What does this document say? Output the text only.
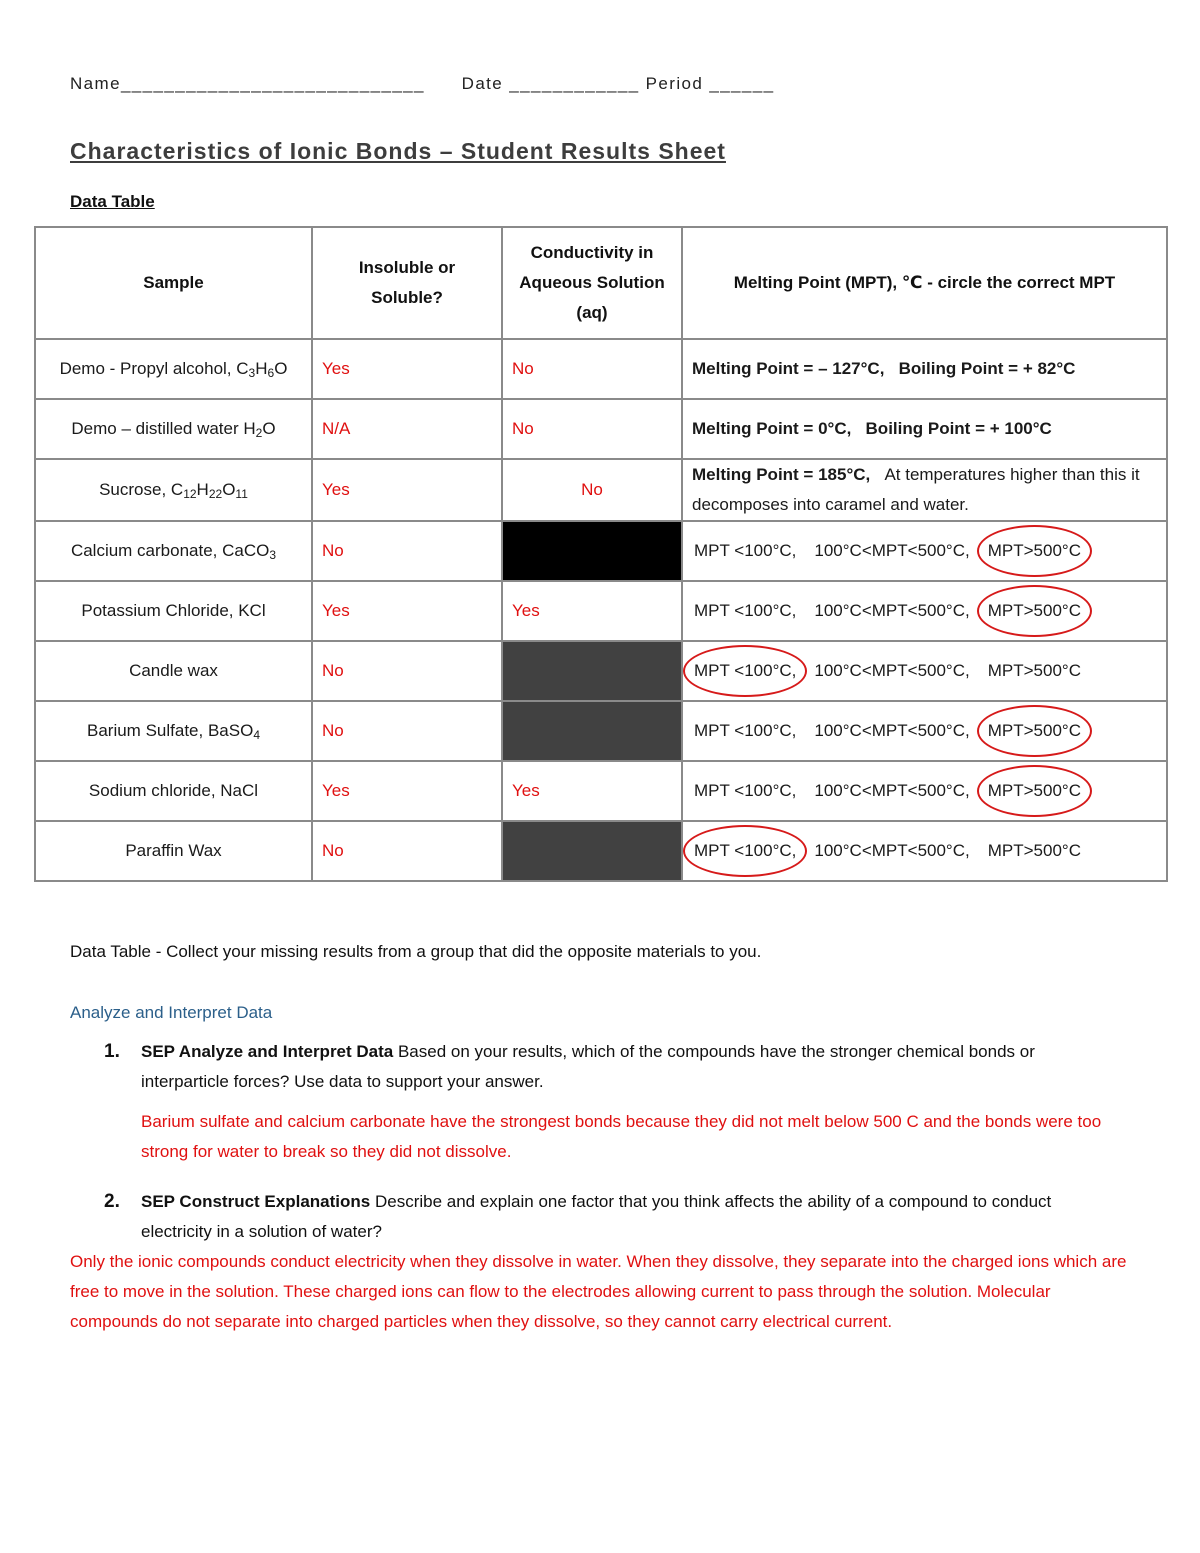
Name____________________________ Date ____________ Period ______
Characteristics of Ionic Bonds – Student Results Sheet
Data Table
Sample	Insoluble or Soluble?	Conductivity in Aqueous Solution (aq)	Melting Point (MPT), ℃ - circle the correct MPT
Demo - Propyl alcohol, $C_3H_6O$	Yes	No	Melting Point = – 127°C, Boiling Point = + 82°C
Demo – distilled water $H_2O$	N/A	No	Melting Point = 0°C, Boiling Point = + 100°C
Sucrose, $C_{12}H_{22}O_{11}$	Yes	No	Melting Point = 185°C, At temperatures higher than this it decomposes into caramel and water.
Calcium carbonate, CaCO$_3$	No		MPT <100°C, 100°C<MPT<500°C, MPT>500°C
Potassium Chloride, KCl	Yes	Yes	MPT <100°C, 100°C<MPT<500°C, MPT>500°C
Candle wax	No		MPT <100°C, 100°C<MPT<500°C, MPT>500°C
Barium Sulfate, BaSO$_4$	No		MPT <100°C, 100°C<MPT<500°C, MPT>500°C
Sodium chloride, NaCl	Yes	Yes	MPT <100°C, 100°C<MPT<500°C, MPT>500°C
Paraffin Wax	No		MPT <100°C, 100°C<MPT<500°C, MPT>500°C
Data Table - Collect your missing results from a group that did the opposite materials to you.
Analyze and Interpret Data
1. SEP Analyze and Interpret Data Based on your results, which of the compounds have the stronger chemical bonds or interparticle forces? Use data to support your answer.
Barium sulfate and calcium carbonate have the strongest bonds because they did not melt below 500 C and the bonds were too strong for water to break so they did not dissolve.
2. SEP Construct Explanations Describe and explain one factor that you think affects the ability of a compound to conduct electricity in a solution of water?
Only the ionic compounds conduct electricity when they dissolve in water. When they dissolve, they separate into the charged ions which are free to move in the solution. These charged ions can flow to the electrodes allowing current to pass through the solution. Molecular compounds do not separate into charged particles when they dissolve, so they cannot carry electrical current.
